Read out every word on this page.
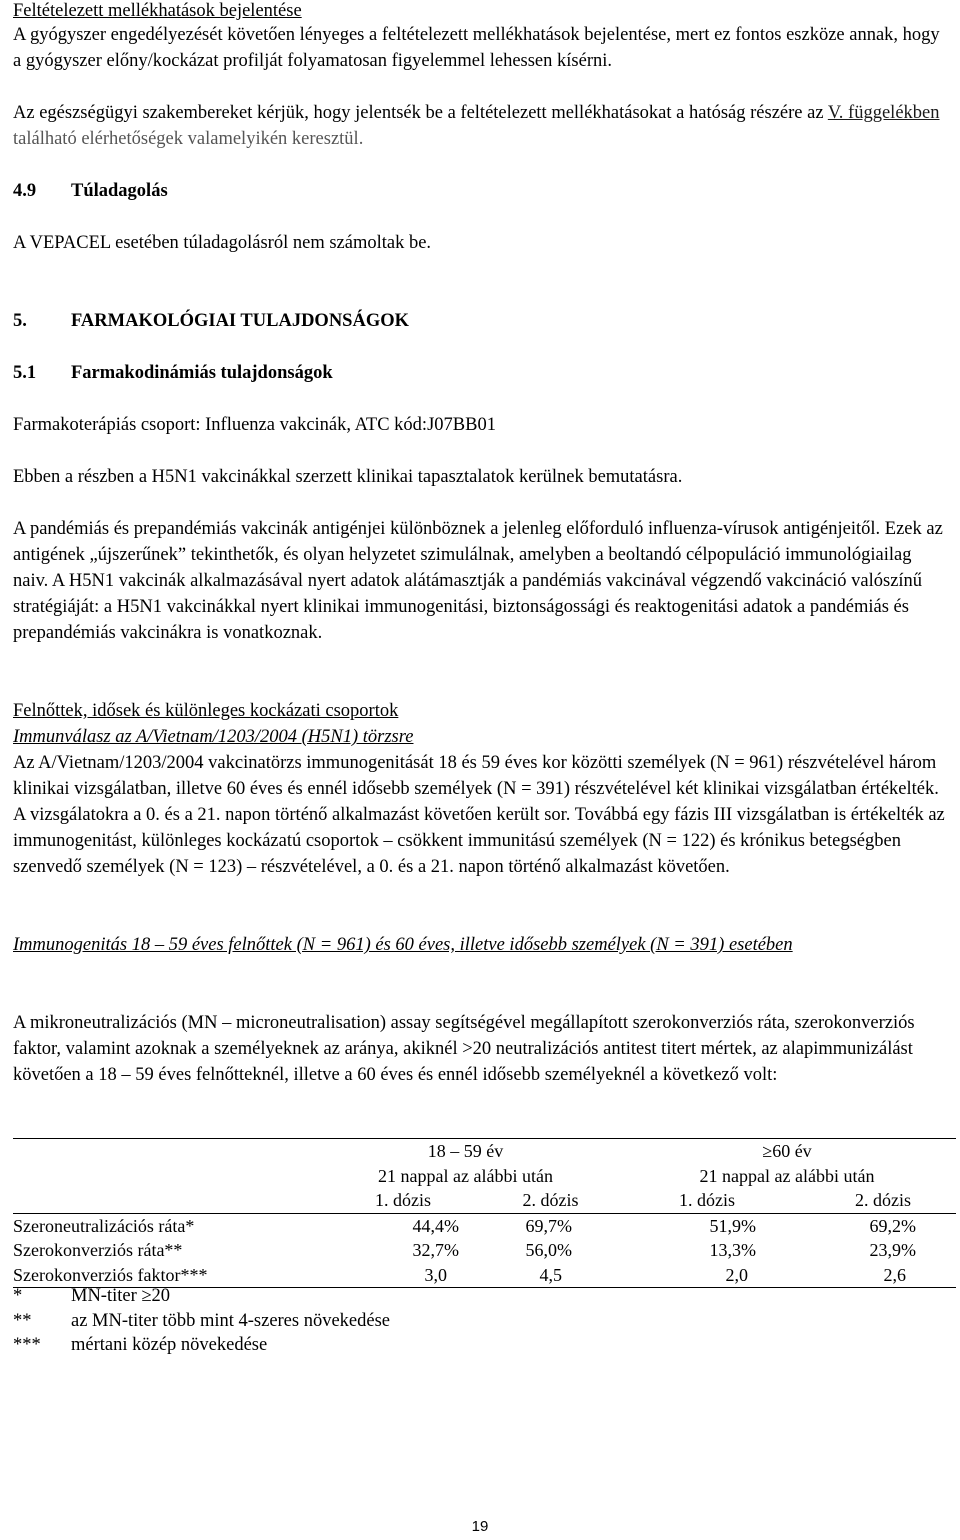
Feltételezett mellékhatások bejelentése

A gyógyszer engedélyezését követően lényeges a feltételezett mellékhatások bejelentése, mert ez fontos eszköze annak, hogy a gyógyszer előny/kockázat profilját folyamatosan figyelemmel lehessen kísérni.

Az egészségügyi szakembereket kérjük, hogy jelentsék be a feltételezett mellékhatásokat a hatóság részére az V. függelékben található elérhetőségek valamelyikén keresztül.

4.9	Túladagolás

A VEPACEL esetében túladagolásról nem számoltak be.

5.	FARMAKOLÓGIAI TULAJDONSÁGOK
5.1	Farmakodinámiás tulajdonságok

Farmakoterápiás csoport: Influenza vakcinák, ATC kód:J07BB01

Ebben a részben a H5N1 vakcinákkal szerzett klinikai tapasztalatok kerülnek bemutatásra.

A pandémiás és prepandémiás vakcinák antigénjei különböznek a jelenleg előforduló influenza-vírusok antigénjeitől. Ezek az antigének „újszerűnek” tekinthetők, és olyan helyzetet szimulálnak, amelyben a beoltandó célpopuláció immunológiailag naiv. A H5N1 vakcinák alkalmazásával nyert adatok alátámasztják a pandémiás vakcinával végzendő vakcináció valószínű stratégiáját: a H5N1 vakcinákkal nyert klinikai immunogenitási, biztonságossági és reaktogenitási adatok a pandémiás és prepandémiás vakcinákra is vonatkoznak.

Felnőttek, idősek és különleges kockázati csoportok
Immunválasz az A/Vietnam/1203/2004 (H5N1) törzsre

Az A/Vietnam/1203/2004 vakcinatörzs immunogenitását 18 és 59 éves kor közötti személyek (N = 961) részvételével három klinikai vizsgálatban, illetve 60 éves és ennél idősebb személyek (N = 391) részvételével két klinikai vizsgálatban értékelték. A vizsgálatokra a 0. és a 21. napon történő alkalmazást követően került sor. Továbbá egy fázis III vizsgálatban is értékelték az immunogenitást, különleges kockázatú csoportok – csökkent immunitású személyek (N = 122) és krónikus betegségben szenvedő személyek (N = 123) – részvételével, a 0. és a 21. napon történő alkalmazást követően.

Immunogenitás 18 – 59 éves felnőttek (N = 961) és 60 éves, illetve idősebb személyek (N = 391) esetében

A mikroneutralizációs (MN – microneutralisation) assay segítségével megállapított szerokonverziós ráta, szerokonverziós faktor, valamint azoknak a személyeknek az aránya, akiknél >20 neutralizációs antitest titert mértek, az alapimmunizálást követően a 18 – 59 éves felnőtteknél, illetve a 60 éves és ennél idősebb személyeknél a következő volt:

	18 – 59 év		≥60 év	
	21 nappal az alábbi után		21 nappal az alábbi után	
	1. dózis	2. dózis	1. dózis	2. dózis
Szeroneutralizációs ráta*	44,4%	69,7%	51,9%	69,2%
Szerokonverziós ráta**	32,7%	56,0%	13,3%	23,9%
Szerokonverziós faktor***	3,0	4,5	2,0	2,6
*	MN-titer ≥20
**	az MN-titer több mint 4-szeres növekedése
***	mértani közép növekedése
19
